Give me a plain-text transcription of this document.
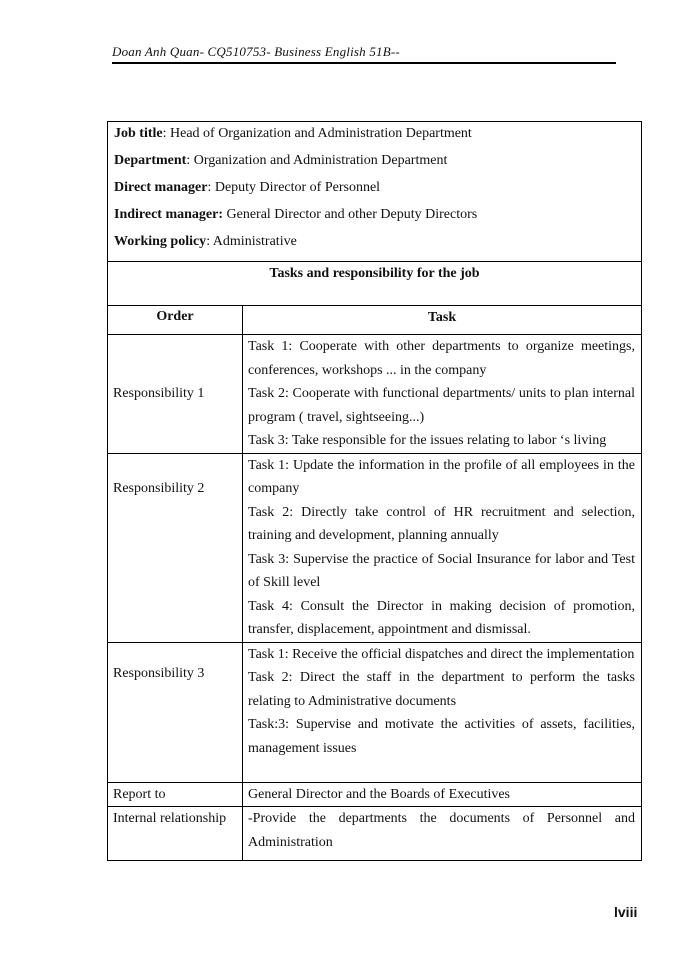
Doan Anh Quan- CQ510753- Business English 51B--
Job title: Head of Organization and Administration Department
Department: Organization and Administration Department
Direct manager: Deputy Director of Personnel
Indirect manager: General Director and other Deputy Directors
Working policy: Administrative	

Tasks and responsibility for the job	
Order	Task
Responsibility 1	Task 1: Cooperate with other departments to organize meetings, conferences, workshops ... in the company
Task 2: Cooperate with functional departments/ units to plan internal program ( travel, sightseeing...)
Task 3: Take responsible for the issues relating to labor ‘s living

Responsibility 2	Task 1: Update the information in the profile of all employees in the company
Task 2: Directly take control of HR recruitment and selection, training and development, planning annually
Task 3: Supervise the practice of Social Insurance for labor and Test of Skill level
Task 4: Consult the Director in making decision of promotion, transfer, displacement, appointment and dismissal.

Responsibility 3	Task 1: Receive the official dispatches and direct the implementation
Task 2: Direct the staff in the department to perform the tasks relating to Administrative documents
Task:3: Supervise and motivate the activities of assets, facilities, management issues

Report to	General Director and the Boards of Executives
Internal relationship	-Provide the departments the documents of Personnel and Administration
lviii
